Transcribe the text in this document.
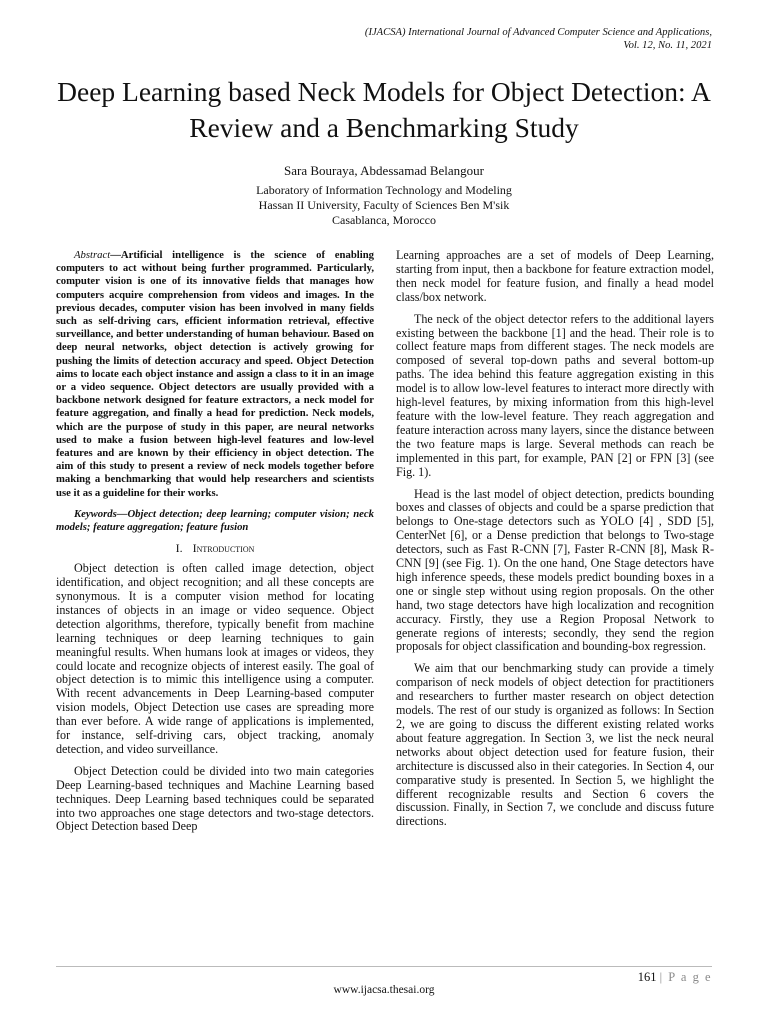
(IJACSA) International Journal of Advanced Computer Science and Applications,
Vol. 12, No. 11, 2021
Deep Learning based Neck Models for Object Detection: A Review and a Benchmarking Study
Sara Bouraya, Abdessamad Belangour
Laboratory of Information Technology and Modeling
Hassan II University, Faculty of Sciences Ben M'sik
Casablanca, Morocco

Abstract—Artificial intelligence is the science of enabling computers to act without being further programmed. Particularly, computer vision is one of its innovative fields that manages how computers acquire comprehension from videos and images. In the previous decades, computer vision has been involved in many fields such as self-driving cars, efficient information retrieval, effective surveillance, and better understanding of human behaviour. Based on deep neural networks, object detection is actively growing for pushing the limits of detection accuracy and speed. Object Detection aims to locate each object instance and assign a class to it in an image or a video sequence. Object detectors are usually provided with a backbone network designed for feature extractors, a neck model for feature aggregation, and finally a head for prediction. Neck models, which are the purpose of study in this paper, are neural networks used to make a fusion between high-level features and low-level features and are known by their efficiency in object detection. The aim of this study to present a review of neck models together before making a benchmarking that would help researchers and scientists use it as a guideline for their works.

Keywords—Object detection; deep learning; computer vision; neck models; feature aggregation; feature fusion

I. Introduction

Object detection is often called image detection, object identification, and object recognition; and all these concepts are synonymous. It is a computer vision method for locating instances of objects in an image or video sequence. Object detection algorithms, therefore, typically benefit from machine learning techniques or deep learning techniques to gain meaningful results. When humans look at images or videos, they could locate and recognize objects of interest easily. The goal of object detection is to mimic this intelligence using a computer. With recent advancements in Deep Learning-based computer vision models, Object Detection use cases are spreading more than ever before. A wide range of applications is implemented, for instance, self-driving cars, object tracking, anomaly detection, and video surveillance.

Object Detection could be divided into two main categories Deep Learning-based techniques and Machine Learning based techniques. Deep Learning based techniques could be separated into two approaches one stage detectors and two-stage detectors. Object Detection based Deep

Learning approaches are a set of models of Deep Learning, starting from input, then a backbone for feature extraction model, then neck model for feature fusion, and finally a head model class/box network.

The neck of the object detector refers to the additional layers existing between the backbone [1] and the head. Their role is to collect feature maps from different stages. The neck models are composed of several top-down paths and several bottom-up paths. The idea behind this feature aggregation existing in this model is to allow low-level features to interact more directly with high-level features, by mixing information from this high-level feature with the low-level feature. They reach aggregation and feature interaction across many layers, since the distance between the two feature maps is large. Several methods can reach be implemented in this part, for example, PAN [2] or FPN [3] (see Fig. 1).

Head is the last model of object detection, predicts bounding boxes and classes of objects and could be a sparse prediction that belongs to One-stage detectors such as YOLO [4] , SDD [5], CenterNet [6], or a Dense prediction that belongs to Two-stage detectors, such as Fast R-CNN [7], Faster R-CNN [8], Mask R-CNN [9] (see Fig. 1). On the one hand, One Stage detectors have high inference speeds, these models predict bounding boxes in a one or single step without using region proposals. On the other hand, two stage detectors have high localization and recognition accuracy. Firstly, they use a Region Proposal Network to generate regions of interests; secondly, they send the region proposals for object classification and bounding-box regression.

We aim that our benchmarking study can provide a timely comparison of neck models of object detection for practitioners and researchers to further master research on object detection models. The rest of our study is organized as follows: In Section 2, we are going to discuss the different existing related works about feature aggregation. In Section 3, we list the neck neural networks about object detection used for feature fusion, their architecture is discussed also in their categories. In Section 4, our comparative study is presented. In Section 5, we highlight the different recognizable results and Section 6 covers the discussion. Finally, in Section 7, we conclude and discuss future directions.

161 | P a g e
www.ijacsa.thesai.org
